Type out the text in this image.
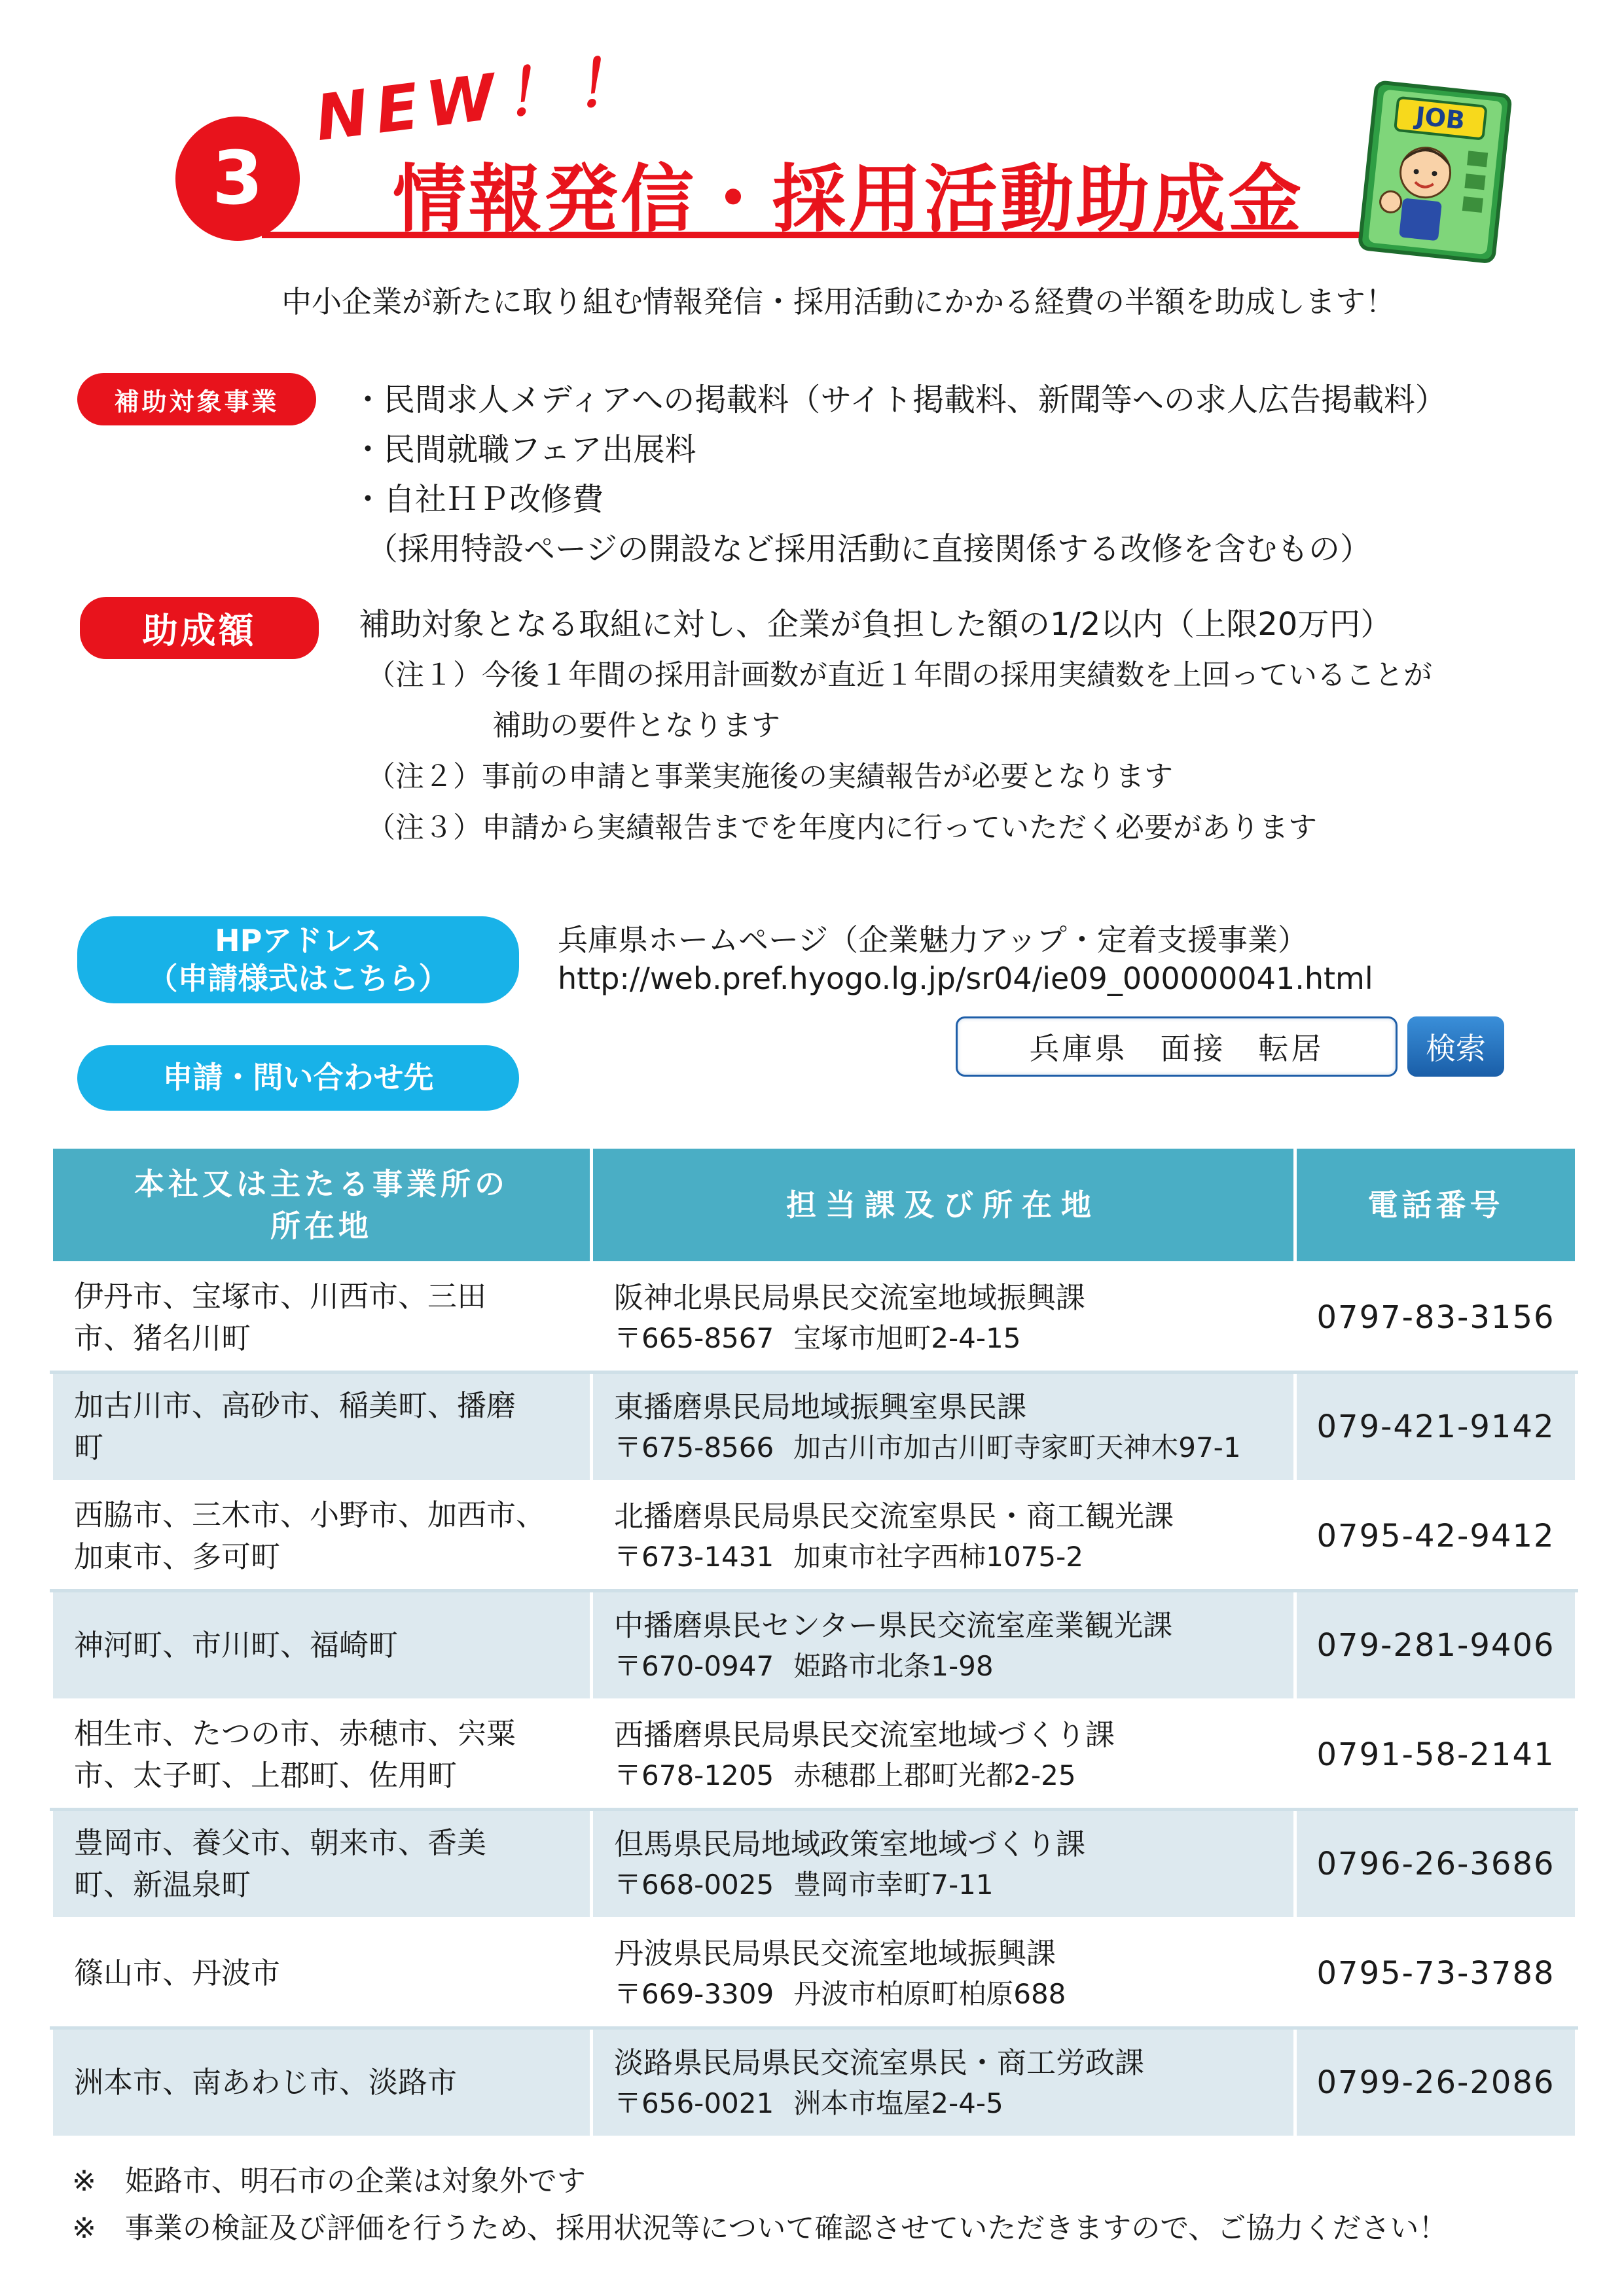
3
NEW！！
情報発信・採用活動助成金
JOB
中小企業が新たに取り組む情報発信・採用活動にかかる経費の半額を助成します！
補助対象事業	・民間求人メディアへの掲載料（サイト掲載料、新聞等への求人広告掲載料）
・民間就職フェア出展料
・自社ＨＰ改修費
（採用特設ページの開設など採用活動に直接関係する改修を含むもの）
助成額	補助対象となる取組に対し、企業が負担した額の1/2以内（上限20万円）
（注１）今後１年間の採用計画数が直近１年間の採用実績数を上回っていることが
補助の要件となります
（注２）事前の申請と事業実施後の実績報告が必要となります
（注３）申請から実績報告までを年度内に行っていただく必要があります
HPアドレス
（申請様式はこちら）
兵庫県ホームページ（企業魅力アップ・定着支援事業）
http://web.pref.hyogo.lg.jp/sr04/ie09_000000041.html
兵庫県　面接　転居	検索
申請・問い合わせ先
本社又は主たる事業所の
所在地	担当課及び所在地	電話番号
伊丹市、宝塚市、川西市、三田市、猪名川町	阪神北県民局県民交流室地域振興課
〒665-8567 宝塚市旭町2-4-15	0797-83-3156
加古川市、高砂市、稲美町、播磨町	東播磨県民局地域振興室県民課
〒675-8566 加古川市加古川町寺家町天神木97-1	079-421-9142
西脇市、三木市、小野市、加西市、加東市、多可町	北播磨県民局県民交流室県民・商工観光課
〒673-1431 加東市社字西柿1075-2	0795-42-9412
神河町、市川町、福崎町	中播磨県民センター県民交流室産業観光課
〒670-0947 姫路市北条1-98	079-281-9406
相生市、たつの市、赤穂市、宍粟市、太子町、上郡町、佐用町	西播磨県民局県民交流室地域づくり課
〒678-1205 赤穂郡上郡町光都2-25	0791-58-2141
豊岡市、養父市、朝来市、香美町、新温泉町	但馬県民局地域政策室地域づくり課
〒668-0025 豊岡市幸町7-11	0796-26-3686
篠山市、丹波市	丹波県民局県民交流室地域振興課
〒669-3309 丹波市柏原町柏原688	0795-73-3788
洲本市、南あわじ市、淡路市	淡路県民局県民交流室県民・商工労政課
〒656-0021 洲本市塩屋2-4-5	0799-26-2086
※　姫路市、明石市の企業は対象外です
※　事業の検証及び評価を行うため、採用状況等について確認させていただきますので、ご協力ください！
